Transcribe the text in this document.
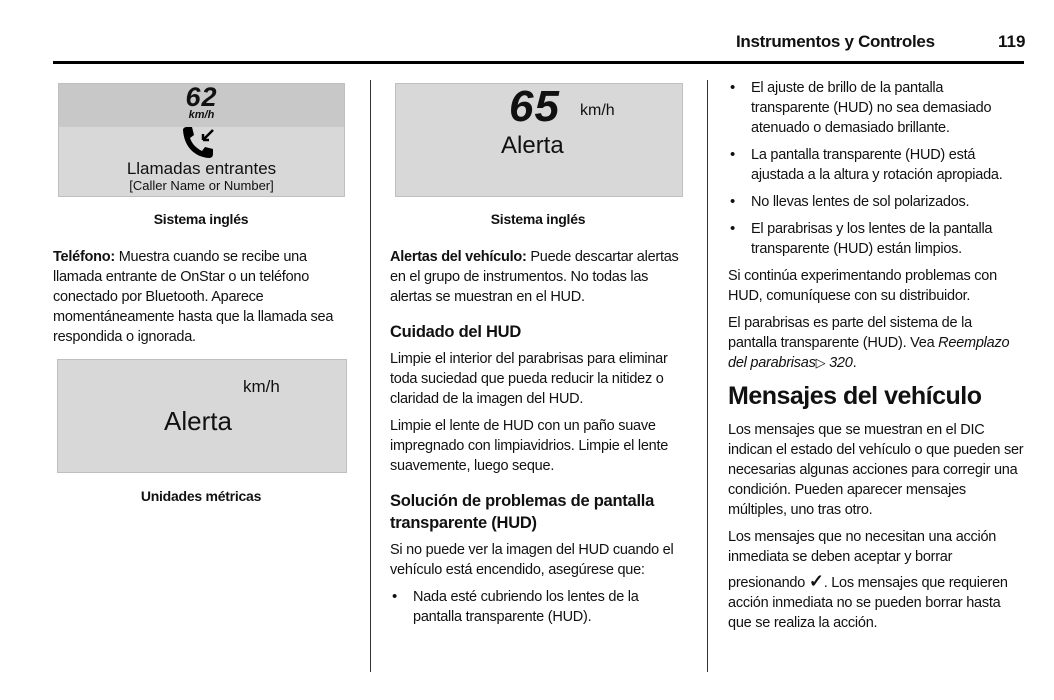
Instrumentos y Controles	119
62
km/h
Llamadas entrantes
[Caller Name or Number]
Sistema inglés

Teléfono: Muestra cuando se recibe una llamada entrante de OnStar o un teléfono conectado por Bluetooth. Aparece momentáneamente hasta que la llamada sea respondida o ignorada.

km/h
Alerta
Unidades métricas
65 km/h
Alerta
Sistema inglés

Alertas del vehículo: Puede descartar alertas en el grupo de instrumentos. No todas las alertas se muestran en el HUD.

Cuidado del HUD

Limpie el interior del parabrisas para eliminar toda suciedad que pueda reducir la nitidez o claridad de la imagen del HUD.

Limpie el lente de HUD con un paño suave impregnado con limpiavidrios. Limpie el lente suavemente, luego seque.

Solución de problemas de pantalla transparente (HUD)

Si no puede ver la imagen del HUD cuando el vehículo está encendido, asegúrese que:

• Nada esté cubriendo los lentes de la pantalla transparente (HUD).
• El ajuste de brillo de la pantalla transparente (HUD) no sea demasiado atenuado o demasiado brillante.
• La pantalla transparente (HUD) está ajustada a la altura y rotación apropiada.
• No llevas lentes de sol polarizados.
• El parabrisas y los lentes de la pantalla transparente (HUD) están limpios.

Si continúa experimentando problemas con HUD, comuníquese con su distribuidor.

El parabrisas es parte del sistema de la pantalla transparente (HUD). Vea Reemplazo del parabrisas▷ 320.

Mensajes del vehículo

Los mensajes que se muestran en el DIC indican el estado del vehículo o que pueden ser necesarias algunas acciones para corregir una condición. Pueden aparecer mensajes múltiples, uno tras otro.

Los mensajes que no necesitan una acción inmediata se deben aceptar y borrar

presionando ✓. Los mensajes que requieren acción inmediata no se pueden borrar hasta que se realiza la acción.
